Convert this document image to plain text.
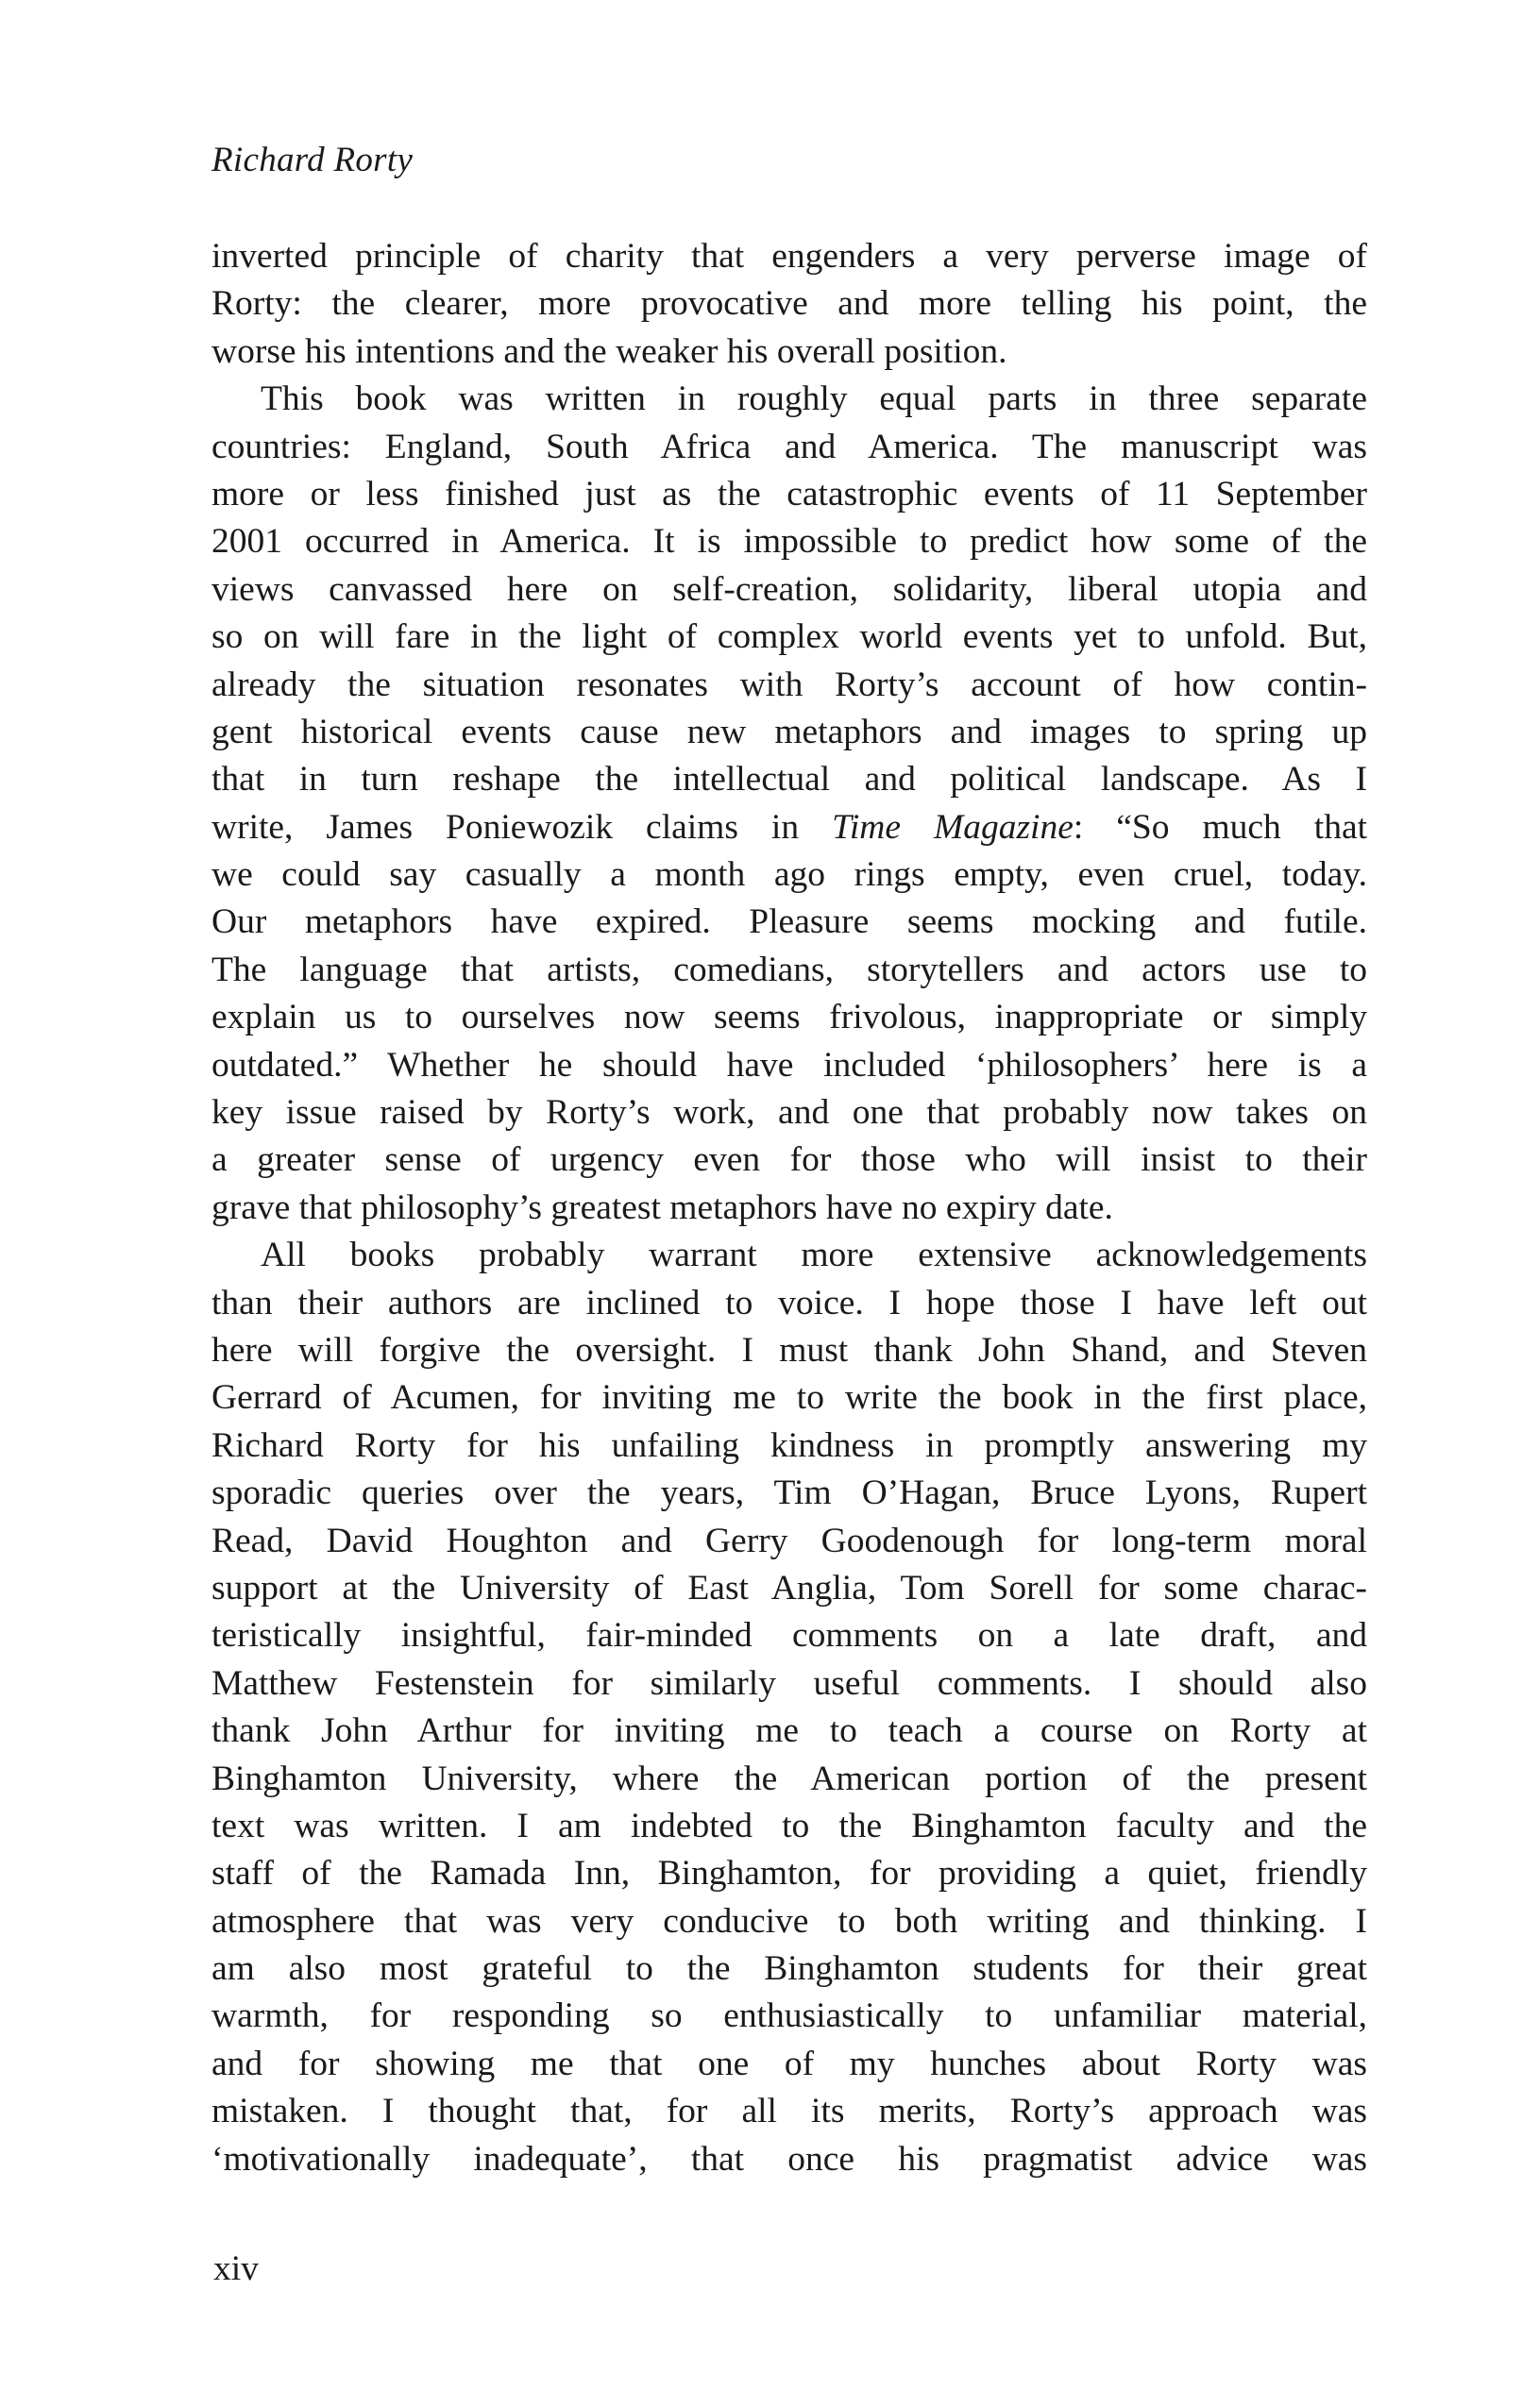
Richard Rorty
inverted principle of charity that engenders a very perverse image of
Rorty: the clearer, more provocative and more telling his point, the
worse his intentions and the weaker his overall position.
This book was written in roughly equal parts in three separate
countries: England, South Africa and America. The manuscript was
more or less finished just as the catastrophic events of 11 September
2001 occurred in America. It is impossible to predict how some of the
views canvassed here on self-creation, solidarity, liberal utopia and
so on will fare in the light of complex world events yet to unfold. But,
already the situation resonates with Rorty’s account of how contin-
gent historical events cause new metaphors and images to spring up
that in turn reshape the intellectual and political landscape. As I
write, James Poniewozik claims in Time Magazine: “So much that
we could say casually a month ago rings empty, even cruel, today.
Our metaphors have expired. Pleasure seems mocking and futile.
The language that artists, comedians, storytellers and actors use to
explain us to ourselves now seems frivolous, inappropriate or simply
outdated.” Whether he should have included ‘philosophers’ here is a
key issue raised by Rorty’s work, and one that probably now takes on
a greater sense of urgency even for those who will insist to their
grave that philosophy’s greatest metaphors have no expiry date.
All books probably warrant more extensive acknowledgements
than their authors are inclined to voice. I hope those I have left out
here will forgive the oversight. I must thank John Shand, and Steven
Gerrard of Acumen, for inviting me to write the book in the first place,
Richard Rorty for his unfailing kindness in promptly answering my
sporadic queries over the years, Tim O’Hagan, Bruce Lyons, Rupert
Read, David Houghton and Gerry Goodenough for long-term moral
support at the University of East Anglia, Tom Sorell for some charac-
teristically insightful, fair-minded comments on a late draft, and
Matthew Festenstein for similarly useful comments. I should also
thank John Arthur for inviting me to teach a course on Rorty at
Binghamton University, where the American portion of the present
text was written. I am indebted to the Binghamton faculty and the
staff of the Ramada Inn, Binghamton, for providing a quiet, friendly
atmosphere that was very conducive to both writing and thinking. I
am also most grateful to the Binghamton students for their great
warmth, for responding so enthusiastically to unfamiliar material,
and for showing me that one of my hunches about Rorty was
mistaken. I thought that, for all its merits, Rorty’s approach was
‘motivationally inadequate’, that once his pragmatist advice was
xiv
